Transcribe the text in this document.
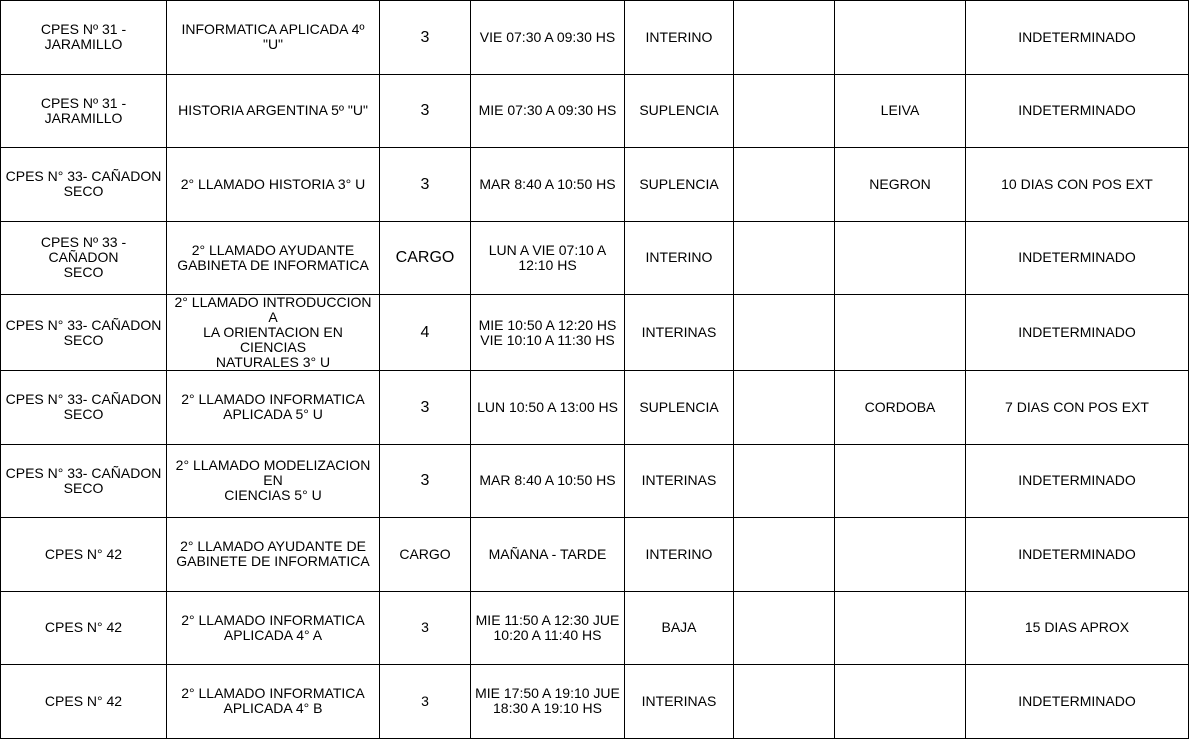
CPES Nº 31 - JARAMILLO	INFORMATICA APLICADA 4º "U"	3	VIE 07:30 A 09:30 HS	INTERINO			INDETERMINADO
CPES Nº 31 - JARAMILLO	HISTORIA ARGENTINA 5º "U"	3	MIE 07:30 A 09:30 HS	SUPLENCIA		LEIVA	INDETERMINADO
CPES N° 33- CAÑADON
SECO	2° LLAMADO HISTORIA 3° U	3	MAR 8:40 A 10:50 HS	SUPLENCIA		NEGRON	10 DIAS CON POS EXT
CPES Nº 33 - CAÑADON
SECO	2° LLAMADO AYUDANTE
GABINETA DE INFORMATICA	CARGO	LUN A VIE 07:10 A
12:10 HS	INTERINO			INDETERMINADO
CPES N° 33- CAÑADON
SECO	2° LLAMADO INTRODUCCION A
LA ORIENTACION EN CIENCIAS
NATURALES 3° U	4	MIE 10:50 A 12:20 HS
VIE 10:10 A 11:30 HS	INTERINAS			INDETERMINADO
CPES N° 33- CAÑADON
SECO	2° LLAMADO INFORMATICA
APLICADA 5° U	3	LUN 10:50 A 13:00 HS	SUPLENCIA		CORDOBA	7 DIAS CON POS EXT
CPES N° 33- CAÑADON
SECO	2° LLAMADO MODELIZACION EN
CIENCIAS 5° U	3	MAR 8:40 A 10:50 HS	INTERINAS			INDETERMINADO
CPES N° 42	2° LLAMADO AYUDANTE DE
GABINETE DE INFORMATICA	CARGO	MAÑANA - TARDE	INTERINO			INDETERMINADO
CPES N° 42	2° LLAMADO INFORMATICA
APLICADA 4° A	3	MIE 11:50 A 12:30 JUE
10:20 A 11:40 HS	BAJA			15 DIAS APROX
CPES N° 42	2° LLAMADO INFORMATICA
APLICADA 4° B	3	MIE 17:50 A 19:10 JUE
18:30 A 19:10 HS	INTERINAS			INDETERMINADO
